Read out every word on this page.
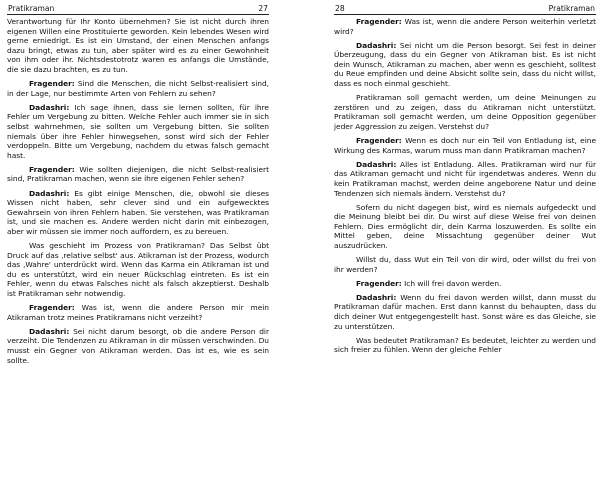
Pratikraman	27

Verantwortung für Ihr Konto übernehmen? Sie ist nicht durch ihren eigenen Willen eine Prostituierte geworden. Kein lebendes Wesen wird gerne erniedrigt. Es ist ein Umstand, der einen Menschen anfangs dazu bringt, etwas zu tun, aber später wird es zu einer Gewohnheit von ihm oder ihr. Nichtsdestotrotz waren es anfangs die Umstände, die sie dazu brachten, es zu tun.

Fragender: Sind die Menschen, die nicht Selbst-realisiert sind, in der Lage, nur bestimmte Arten von Fehlern zu sehen?

Dadashri: Ich sage ihnen, dass sie lernen sollten, für ihre Fehler um Vergebung zu bitten. Welche Fehler auch immer sie in sich selbst wahrnehmen, sie sollten um Vergebung bitten. Sie sollten niemals über ihre Fehler hinwegsehen, sonst wird sich der Fehler verdoppeln. Bitte um Vergebung, nachdem du etwas falsch gemacht hast.

Fragender: Wie sollten diejenigen, die nicht Selbst-realisiert sind, Pratikraman machen, wenn sie ihre eigenen Fehler sehen?

Dadashri: Es gibt einige Menschen, die, obwohl sie dieses Wissen nicht haben, sehr clever sind und ein aufgewecktes Gewahrsein von ihren Fehlern haben. Sie verstehen, was Pratikraman ist, und sie machen es. Andere werden nicht darin mit einbezogen, aber wir müssen sie immer noch auffordern, es zu bereuen.

Was geschieht im Prozess von Pratikraman? Das Selbst übt Druck auf das ‚relative selbst' aus. Atikraman ist der Prozess, wodurch das ‚Wahre' unterdrückt wird. Wenn das Karma ein Atikraman ist und du es unterstützt, wird ein neuer Rückschlag eintreten. Es ist ein Fehler, wenn du etwas Falsches nicht als falsch akzeptierst. Deshalb ist Pratikraman sehr notwendig.

Fragender: Was ist, wenn die andere Person mir mein Atikraman trotz meines Pratikramans nicht verzeiht?

Dadashri: Sei nicht darum besorgt, ob die andere Person dir verzeiht. Die Tendenzen zu Atikraman in dir müssen verschwinden. Du musst ein Gegner von Atikraman werden. Das ist es, wie es sein sollte.

28	Pratikraman

Fragender: Was ist, wenn die andere Person weiterhin verletzt wird?

Dadashri: Sei nicht um die Person besorgt. Sei fest in deiner Überzeugung, dass du ein Gegner von Atikraman bist. Es ist nicht dein Wunsch, Atikraman zu machen, aber wenn es geschieht, solltest du Reue empfinden und deine Absicht sollte sein, dass du nicht willst, dass es noch einmal geschieht.

Pratikraman soll gemacht werden, um deine Meinungen zu zerstören und zu zeigen, dass du Atikraman nicht unterstützt. Pratikraman soll gemacht werden, um deine Opposition gegenüber jeder Aggression zu zeigen. Verstehst du?

Fragender: Wenn es doch nur ein Teil von Entladung ist, eine Wirkung des Karmas, warum muss man dann Pratikraman machen?

Dadashri: Alles ist Entladung. Alles. Pratikraman wird nur für das Atikraman gemacht und nicht für irgendetwas anderes. Wenn du kein Pratikraman machst, werden deine angeborene Natur und deine Tendenzen sich niemals ändern. Verstehst du?

Sofern du nicht dagegen bist, wird es niemals aufgedeckt und die Meinung bleibt bei dir. Du wirst auf diese Weise frei von deinen Fehlern. Dies ermöglicht dir, dein Karma loszuwerden. Es sollte ein Mittel geben, deine Missachtung gegenüber deiner Wut auszudrücken.

Willst du, dass Wut ein Teil von dir wird, oder willst du frei von ihr werden?

Fragender: Ich will frei davon werden.

Dadashri: Wenn du frei davon werden willst, dann musst du Pratikraman dafür machen. Erst dann kannst du behaupten, dass du dich deiner Wut entgegengestellt hast. Sonst wäre es das Gleiche, sie zu unterstützen.

Was bedeutet Pratikraman? Es bedeutet, leichter zu werden und sich freier zu fühlen. Wenn der gleiche Fehler
